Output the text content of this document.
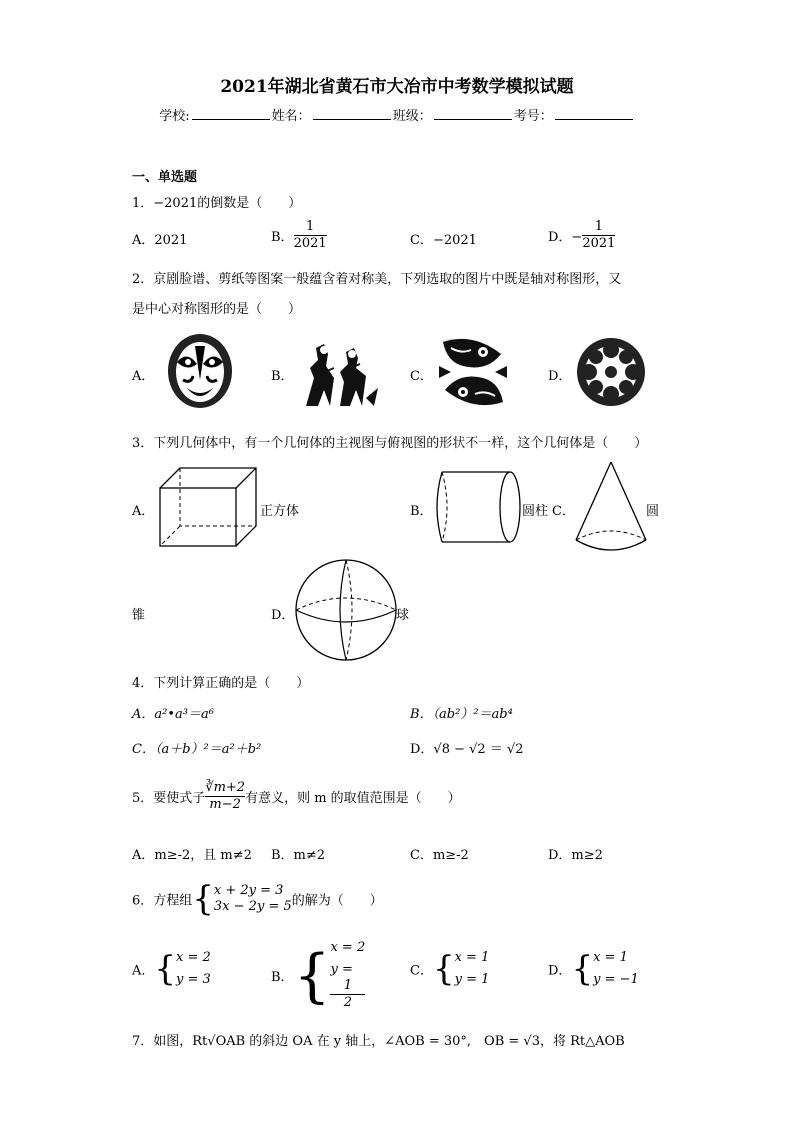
2021年湖北省黄石市大冶市中考数学模拟试题
学校:	姓名：	班级：	考号：
一、单选题
1．−2021的倒数是（　　）
A．2021	B． $\frac{1}{2021}$	C．−2021	D．− $\frac{1}{2021}$
2．京剧脸谱、剪纸等图案一般蕴含着对称美，下列选取的图片中既是轴对称图形，又
是中心对称图形的是（　　）
A．	B．	C．	D．
3．下列几何体中，有一个几何体的主视图与俯视图的形状不一样，这个几何体是（　　）
A．	正方体	B．	圆柱 C．	圆
锥	D．	球
4．下列计算正确的是（　　）
A．a²•a³＝a⁶	B．（ab²）²＝ab⁴
C．（a＋b）²＝a²＋b²	D．√8 − √2 ＝ √2
5．要使式子 $\frac{∛m+2}{m-2}$ 有意义，则 m 的取值范围是（　　）
A．m≥-2，且 m≠2 B．m≠2	C．m≥-2	D．m≥2
6．方程组{ x + 2y = 3
3x − 2y = 5 的解为（　　）
A．{ x = 2
y = 3	B．{ x = 2
y =
1
2
C．{ x = 1
y = 1
D．{ x = 1
y = −1
7．如图，Rt√OAB 的斜边 OA 在 y 轴上，∠AOB = 30°,　OB = √3，将 Rt△AOB
